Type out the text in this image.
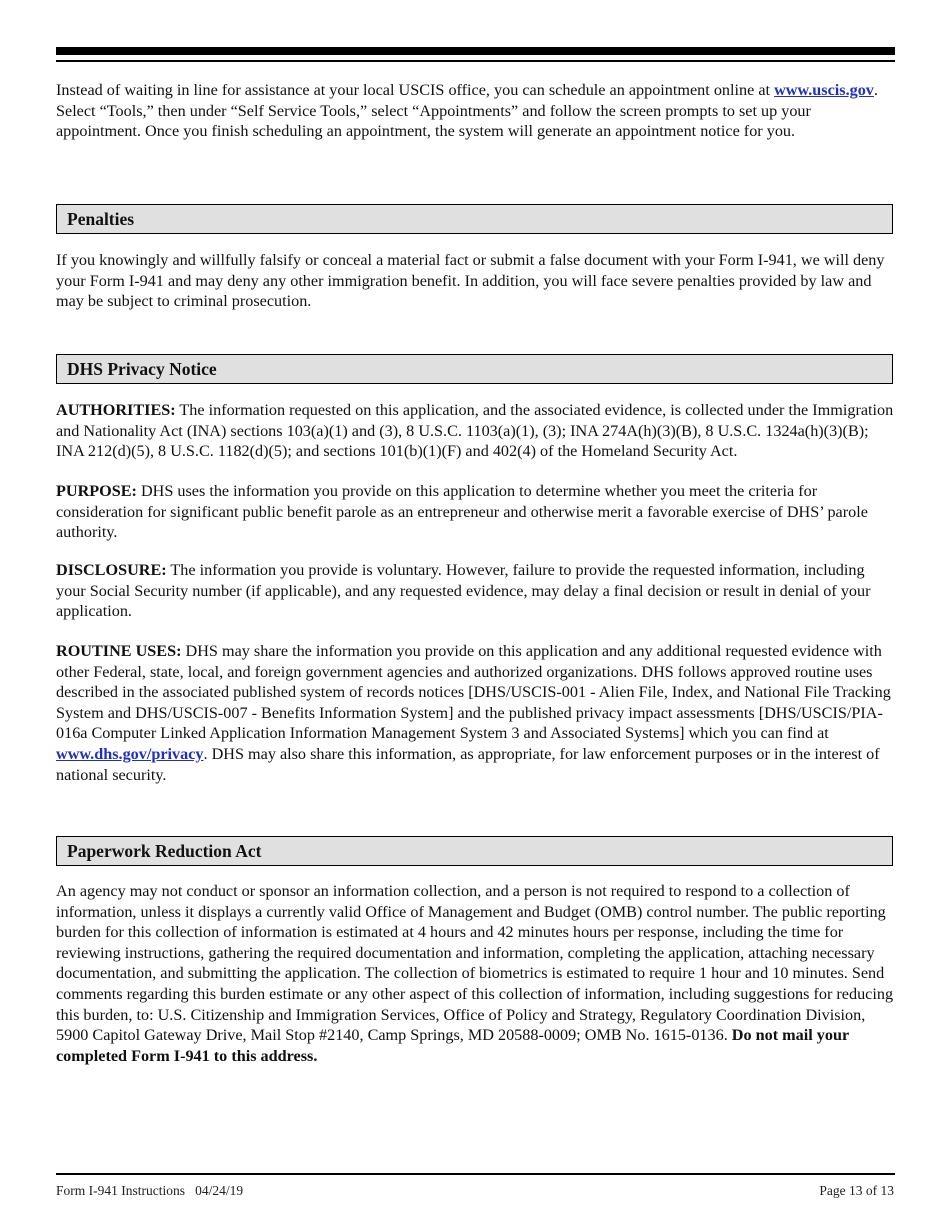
Instead of waiting in line for assistance at your local USCIS office, you can schedule an appointment online at www.uscis.gov. Select “Tools,” then under “Self Service Tools,” select “Appointments” and follow the screen prompts to set up your appointment. Once you finish scheduling an appointment, the system will generate an appointment notice for you.

Penalties

If you knowingly and willfully falsify or conceal a material fact or submit a false document with your Form I-941, we will deny your Form I-941 and may deny any other immigration benefit. In addition, you will face severe penalties provided by law and may be subject to criminal prosecution.

DHS Privacy Notice

AUTHORITIES: The information requested on this application, and the associated evidence, is collected under the Immigration and Nationality Act (INA) sections 103(a)(1) and (3), 8 U.S.C. 1103(a)(1), (3); INA 274A(h)(3)(B), 8 U.S.C. 1324a(h)(3)(B); INA 212(d)(5), 8 U.S.C. 1182(d)(5); and sections 101(b)(1)(F) and 402(4) of the Homeland Security Act.

PURPOSE: DHS uses the information you provide on this application to determine whether you meet the criteria for consideration for significant public benefit parole as an entrepreneur and otherwise merit a favorable exercise of DHS’ parole authority.

DISCLOSURE: The information you provide is voluntary. However, failure to provide the requested information, including your Social Security number (if applicable), and any requested evidence, may delay a final decision or result in denial of your application.

ROUTINE USES: DHS may share the information you provide on this application and any additional requested evidence with other Federal, state, local, and foreign government agencies and authorized organizations. DHS follows approved routine uses described in the associated published system of records notices [DHS/USCIS-001 - Alien File, Index, and National File Tracking System and DHS/USCIS-007 - Benefits Information System] and the published privacy impact assessments [DHS/USCIS/PIA-016a Computer Linked Application Information Management System 3 and Associated Systems] which you can find at www.dhs.gov/privacy. DHS may also share this information, as appropriate, for law enforcement purposes or in the interest of national security.

Paperwork Reduction Act

An agency may not conduct or sponsor an information collection, and a person is not required to respond to a collection of information, unless it displays a currently valid Office of Management and Budget (OMB) control number. The public reporting burden for this collection of information is estimated at 4 hours and 42 minutes hours per response, including the time for reviewing instructions, gathering the required documentation and information, completing the application, attaching necessary documentation, and submitting the application. The collection of biometrics is estimated to require 1 hour and 10 minutes. Send comments regarding this burden estimate or any other aspect of this collection of information, including suggestions for reducing this burden, to: U.S. Citizenship and Immigration Services, Office of Policy and Strategy, Regulatory Coordination Division, 5900 Capitol Gateway Drive, Mail Stop #2140, Camp Springs, MD 20588-0009; OMB No. 1615-0136. Do not mail your completed Form I-941 to this address.

Form I-941 Instructions   04/24/19	Page 13 of 13
